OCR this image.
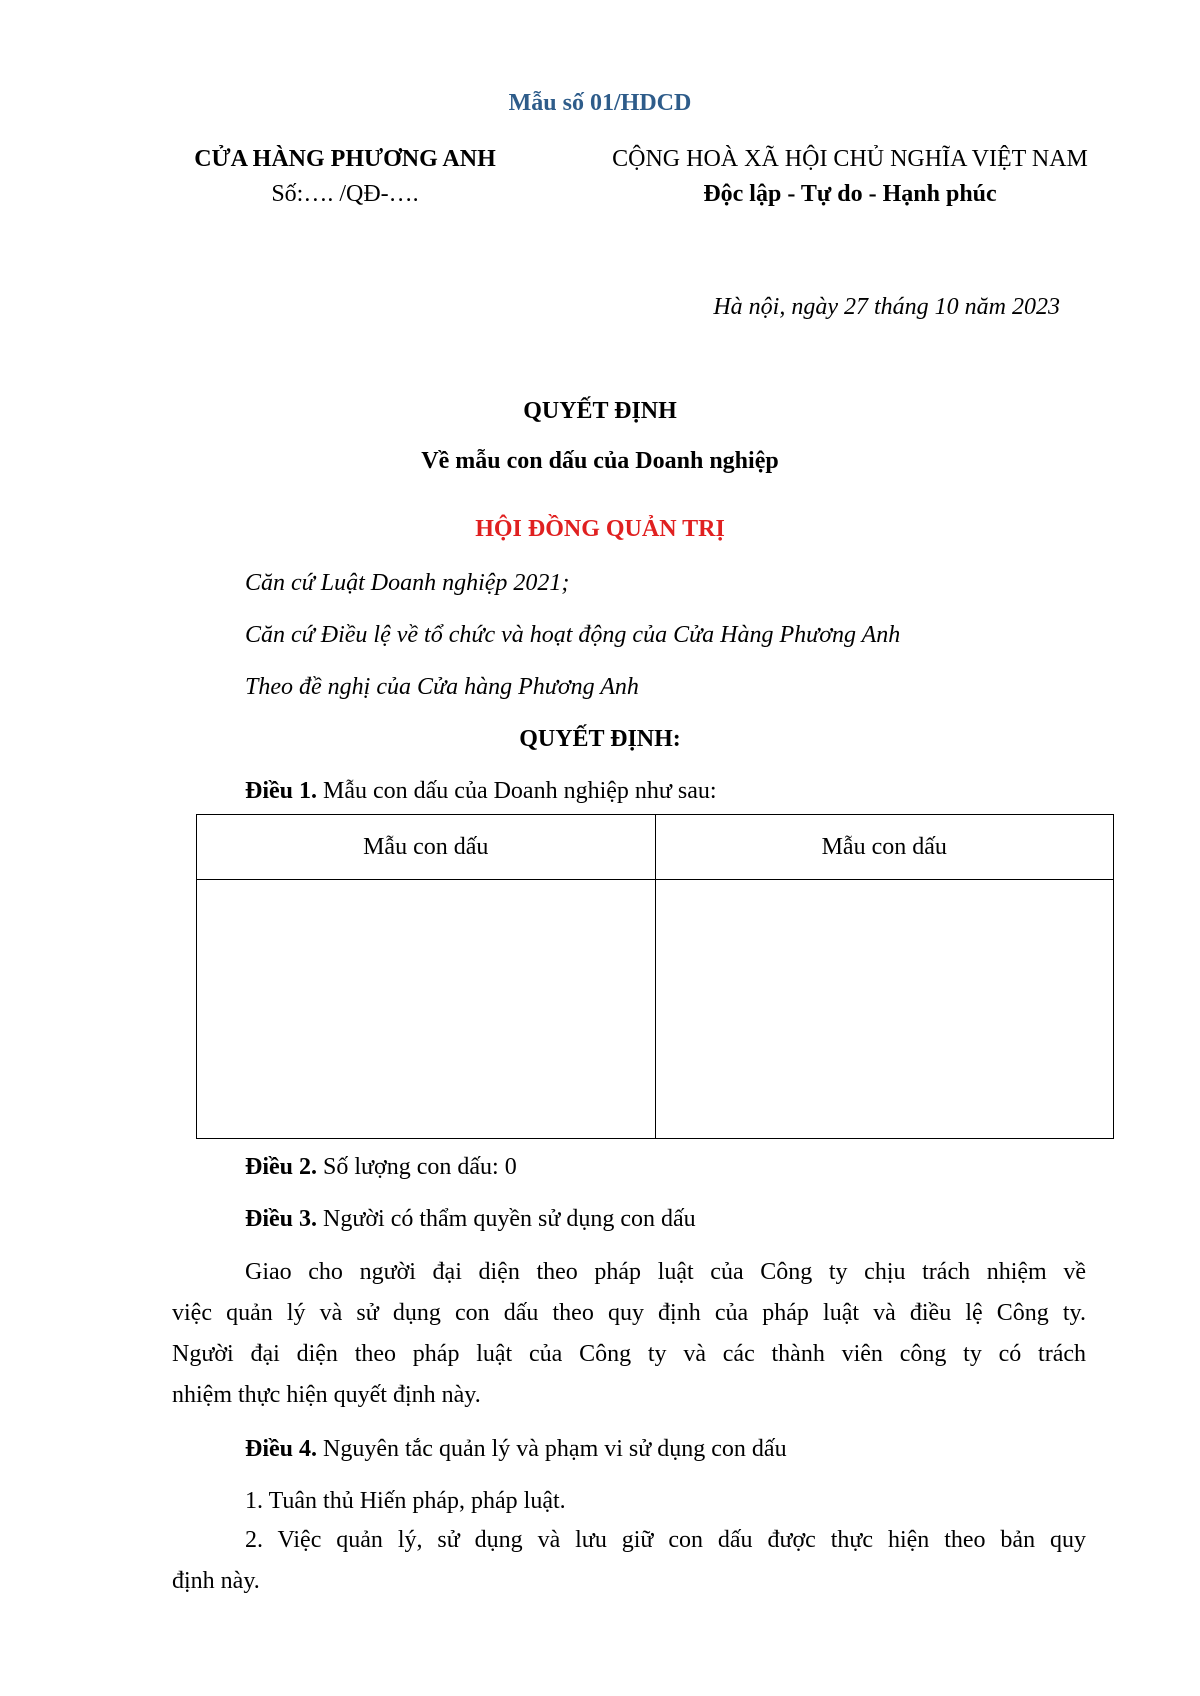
Mẫu số 01/HDCD
CỬA HÀNG PHƯƠNG ANH
Số:…. /QĐ-….
CỘNG HOÀ XÃ HỘI CHỦ NGHĨA VIỆT NAM
Độc lập - Tự do - Hạnh phúc
Hà nội, ngày 27 tháng 10 năm 2023
QUYẾT ĐỊNH
Về mẫu con dấu của Doanh nghiệp
HỘI ĐỒNG QUẢN TRỊ
Căn cứ Luật Doanh nghiệp 2021;
Căn cứ Điều lệ về tổ chức và hoạt động của Cửa Hàng Phương Anh
Theo đề nghị của Cửa hàng Phương Anh
QUYẾT ĐỊNH:
Điều 1. Mẫu con dấu của Doanh nghiệp như sau:
Mẫu con dấu	Mẫu con dấu

Điều 2. Số lượng con dấu: 0
Điều 3. Người có thẩm quyền sử dụng con dấu
Giao cho người đại diện theo pháp luật của Công ty chịu trách nhiệm về
việc quản lý và sử dụng con dấu theo quy định của pháp luật và điều lệ Công ty.
Người đại diện theo pháp luật của Công ty và các thành viên công ty có trách
nhiệm thực hiện quyết định này.
Điều 4. Nguyên tắc quản lý và phạm vi sử dụng con dấu
1. Tuân thủ Hiến pháp, pháp luật.
2. Việc quản lý, sử dụng và lưu giữ con dấu được thực hiện theo bản quy
định này.
